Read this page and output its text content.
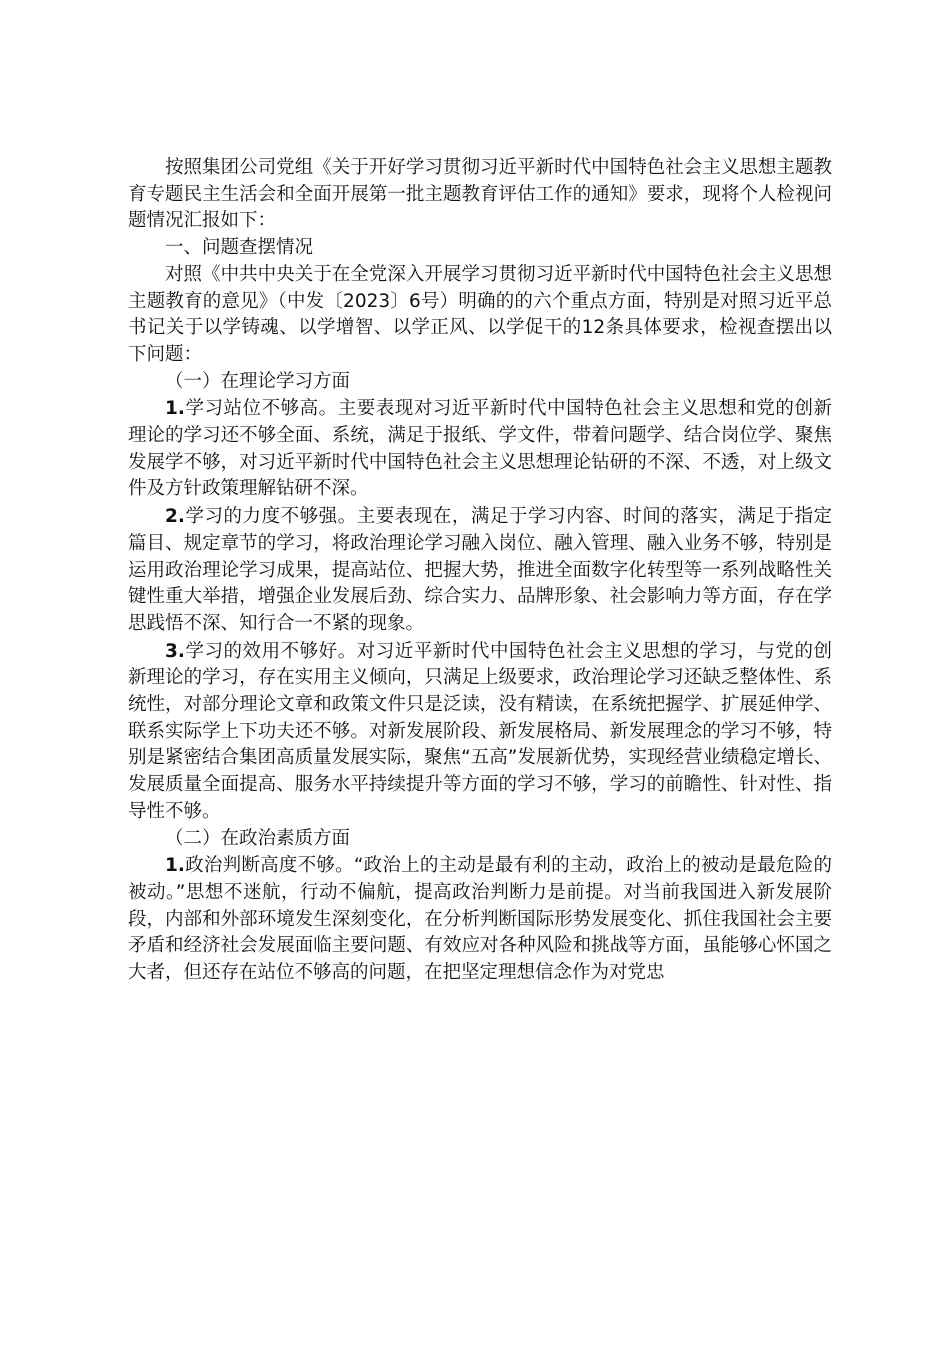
按照集团公司党组《关于开好学习贯彻习近平新时代中国特色社会主义思想主题教育专题民主生活会和全面开展第一批主题教育评估工作的通知》要求，现将个人检视问题情况汇报如下：

一、问题查摆情况

对照《中共中央关于在全党深入开展学习贯彻习近平新时代中国特色社会主义思想主题教育的意见》（中发〔2023〕6号）明确的的六个重点方面，特别是对照习近平总书记关于以学铸魂、以学增智、以学正风、以学促干的12条具体要求，检视查摆出以下问题：

（一）在理论学习方面

1.学习站位不够高。主要表现对习近平新时代中国特色社会主义思想和党的创新理论的学习还不够全面、系统，满足于报纸、学文件，带着问题学、结合岗位学、聚焦发展学不够，对习近平新时代中国特色社会主义思想理论钻研的不深、不透，对上级文件及方针政策理解钻研不深。

2.学习的力度不够强。主要表现在，满足于学习内容、时间的落实，满足于指定篇目、规定章节的学习，将政治理论学习融入岗位、融入管理、融入业务不够，特别是运用政治理论学习成果，提高站位、把握大势，推进全面数字化转型等一系列战略性关键性重大举措，增强企业发展后劲、综合实力、品牌形象、社会影响力等方面，存在学思践悟不深、知行合一不紧的现象。

3.学习的效用不够好。对习近平新时代中国特色社会主义思想的学习，与党的创新理论的学习，存在实用主义倾向，只满足上级要求，政治理论学习还缺乏整体性、系统性，对部分理论文章和政策文件只是泛读，没有精读，在系统把握学、扩展延伸学、联系实际学上下功夫还不够。对新发展阶段、新发展格局、新发展理念的学习不够，特别是紧密结合集团高质量发展实际，聚焦“五高”发展新优势，实现经营业绩稳定增长、发展质量全面提高、服务水平持续提升等方面的学习不够，学习的前瞻性、针对性、指导性不够。

（二）在政治素质方面

1.政治判断高度不够。“政治上的主动是最有利的主动，政治上的被动是最危险的被动。”思想不迷航，行动不偏航，提高政治判断力是前提。对当前我国进入新发展阶段，内部和外部环境发生深刻变化，在分析判断国际形势发展变化、抓住我国社会主要矛盾和经济社会发展面临主要问题、有效应对各种风险和挑战等方面，虽能够心怀国之大者，但还存在站位不够高的问题，在把坚定理想信念作为对党忠
